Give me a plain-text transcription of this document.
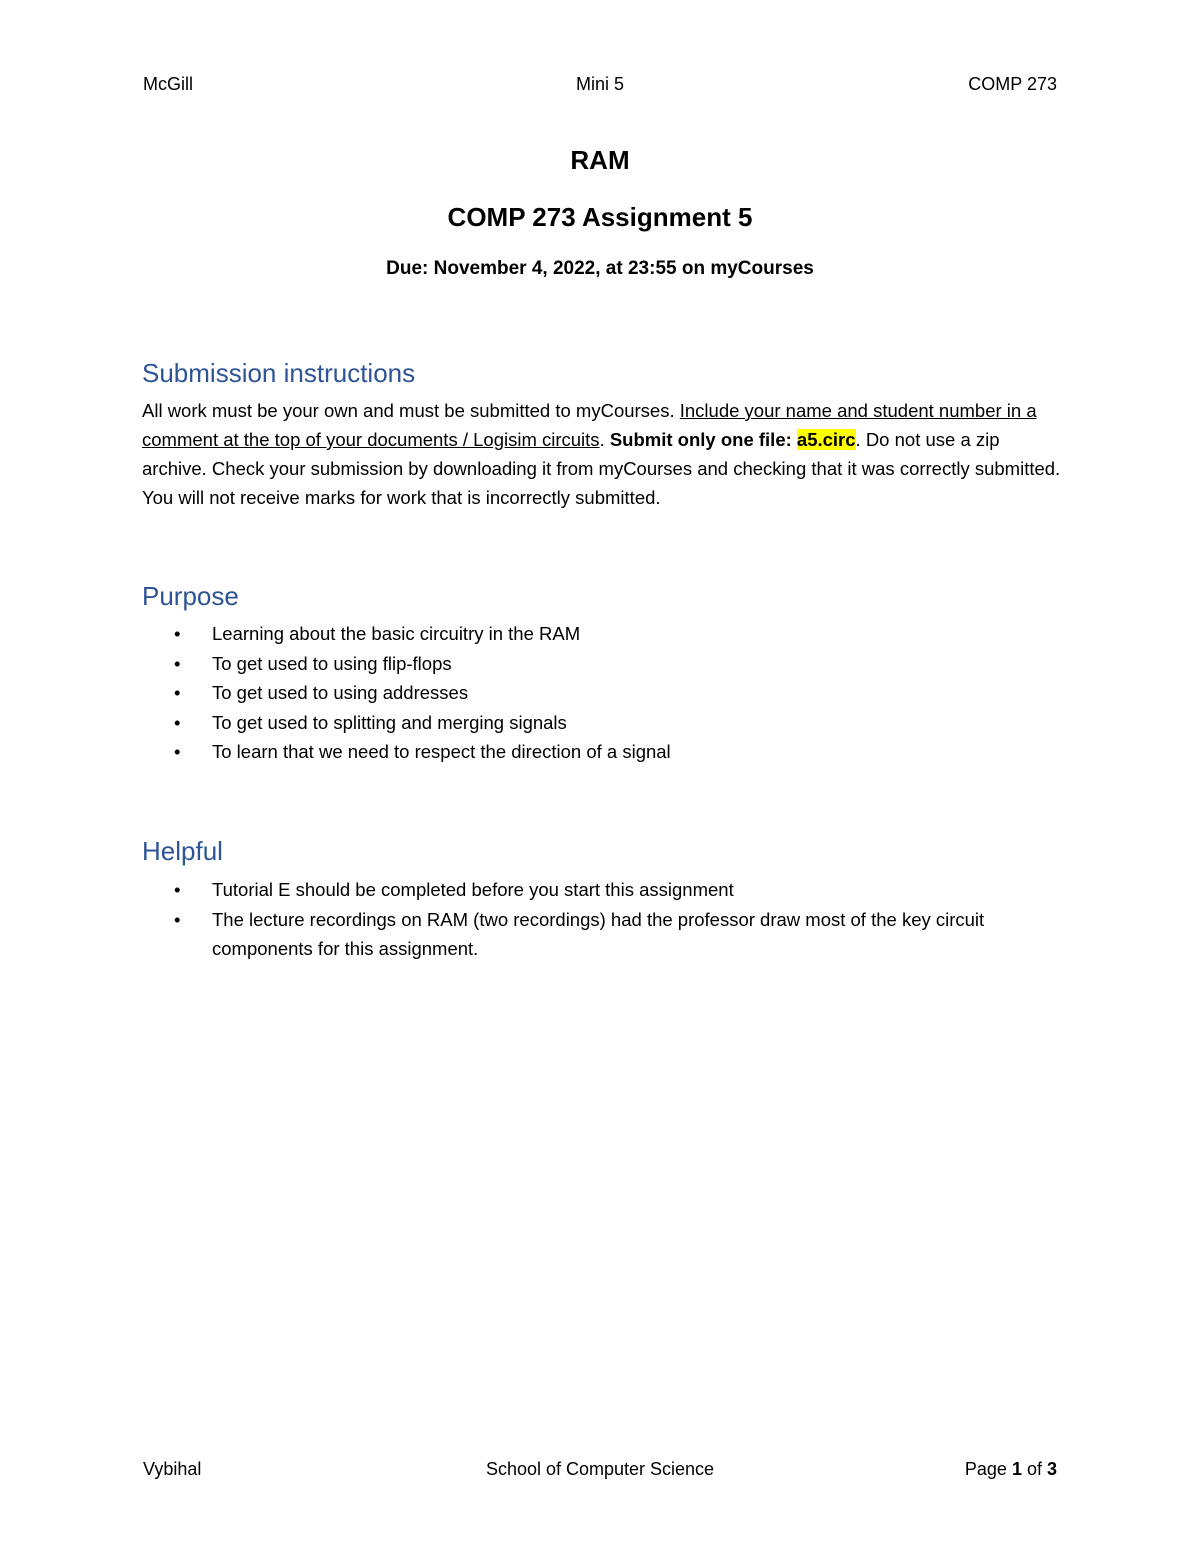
McGill	Mini 5	COMP 273
RAM
COMP 273 Assignment 5
Due: November 4, 2022, at 23:55 on myCourses
Submission instructions
All work must be your own and must be submitted to myCourses. Include your name and student number in a comment at the top of your documents / Logisim circuits. Submit only one file: a5.circ. Do not use a zip archive. Check your submission by downloading it from myCourses and checking that it was correctly submitted. You will not receive marks for work that is incorrectly submitted.
Purpose
• Learning about the basic circuitry in the RAM
• To get used to using flip-flops
• To get used to using addresses
• To get used to splitting and merging signals
• To learn that we need to respect the direction of a signal
Helpful
• Tutorial E should be completed before you start this assignment
• The lecture recordings on RAM (two recordings) had the professor draw most of the key circuit components for this assignment.
Vybihal	School of Computer Science	Page 1 of 3
